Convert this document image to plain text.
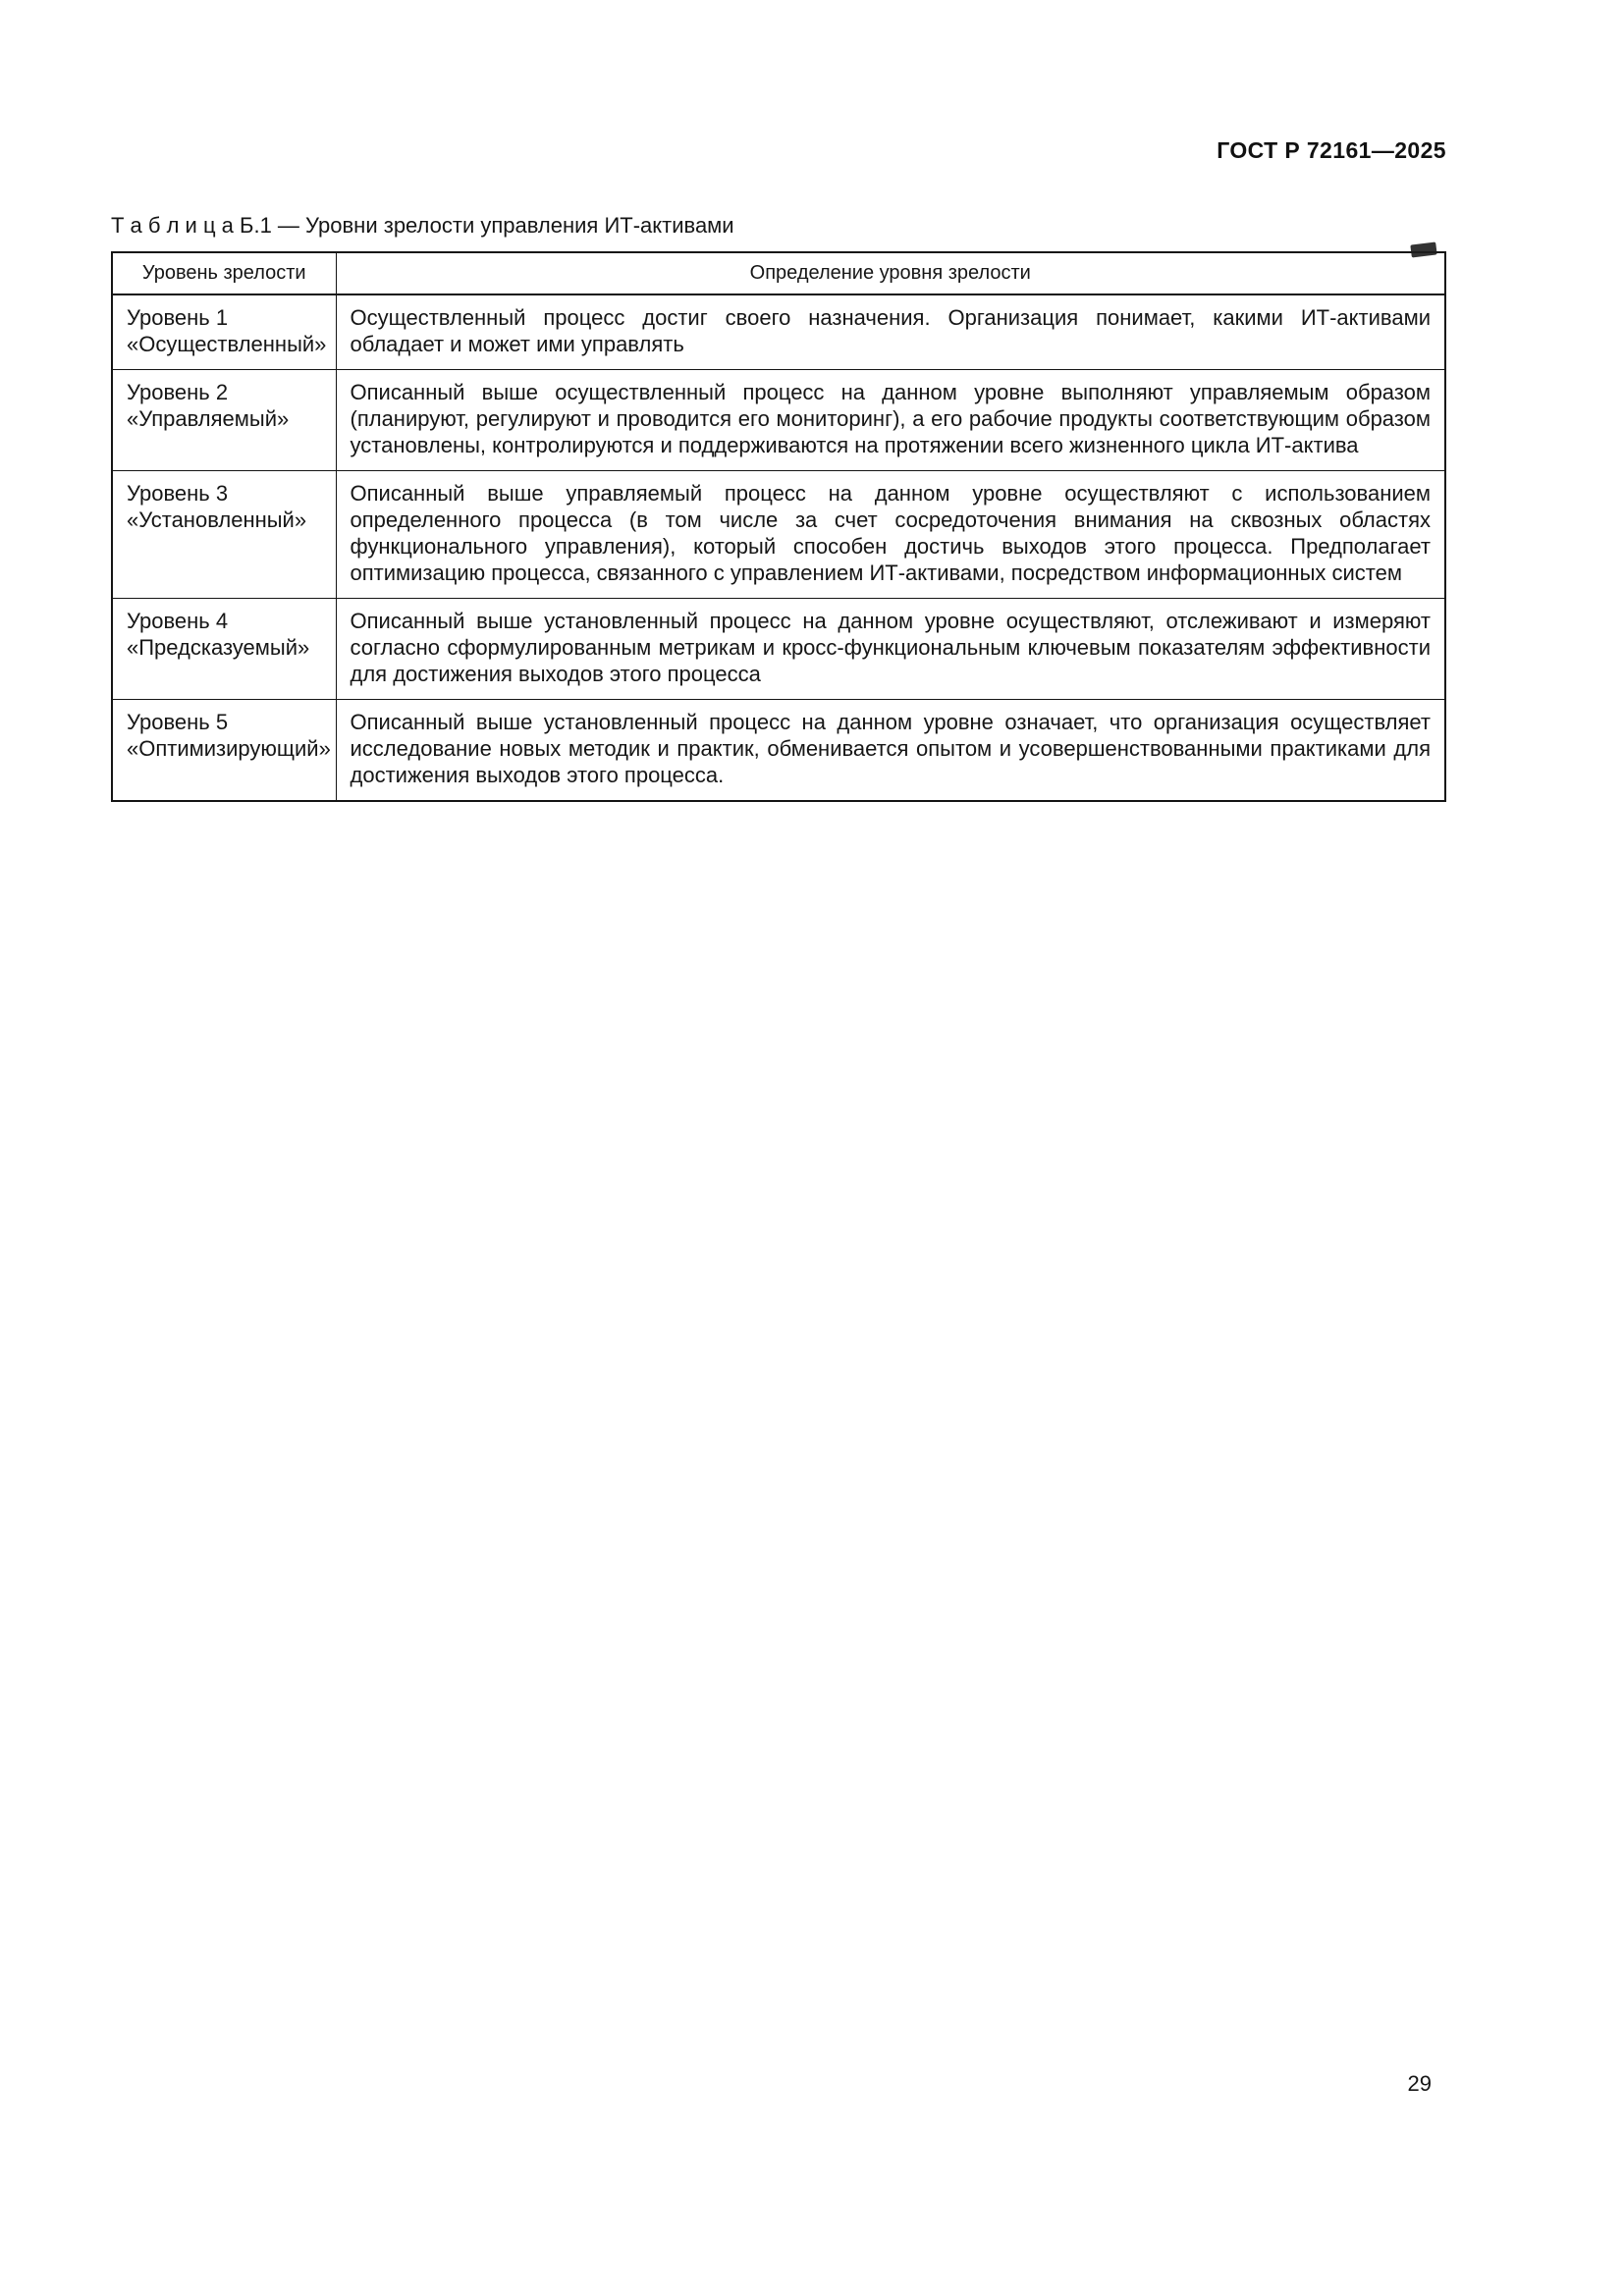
ГОСТ Р 72161—2025
Т а б л и ц а Б.1 — Уровни зрелости управления ИТ-активами
Уровень зрелости	Определение уровня зрелости

Уровень 1
«Осуществленный»	Осуществленный процесс достиг своего назначения. Организация понимает, какими ИТ-активами обладает и может ими управлять

Уровень 2
«Управляемый»	Описанный выше осуществленный процесс на данном уровне выполняют управляемым образом (планируют, регулируют и проводится его мониторинг), а его рабочие продукты соответствующим образом установлены, контролируются и поддерживаются на протяжении всего жизненного цикла ИТ-актива

Уровень 3
«Установленный»	Описанный выше управляемый процесс на данном уровне осуществляют с использованием определенного процесса (в том числе за счет сосредоточения внимания на сквозных областях функционального управления), который способен достичь выходов этого процесса. Предполагает оптимизацию процесса, связанного с управлением ИТ-активами, посредством информационных систем

Уровень 4
«Предсказуемый»	Описанный выше установленный процесс на данном уровне осуществляют, отслеживают и измеряют согласно сформулированным метрикам и кросс-функциональным ключевым показателям эффективности для достижения выходов этого процесса

Уровень 5
«Оптимизирующий»	Описанный выше установленный процесс на данном уровне означает, что организация осуществляет исследование новых методик и практик, обменивается опытом и усовершенствованными практиками для достижения выходов этого процесса.
29
